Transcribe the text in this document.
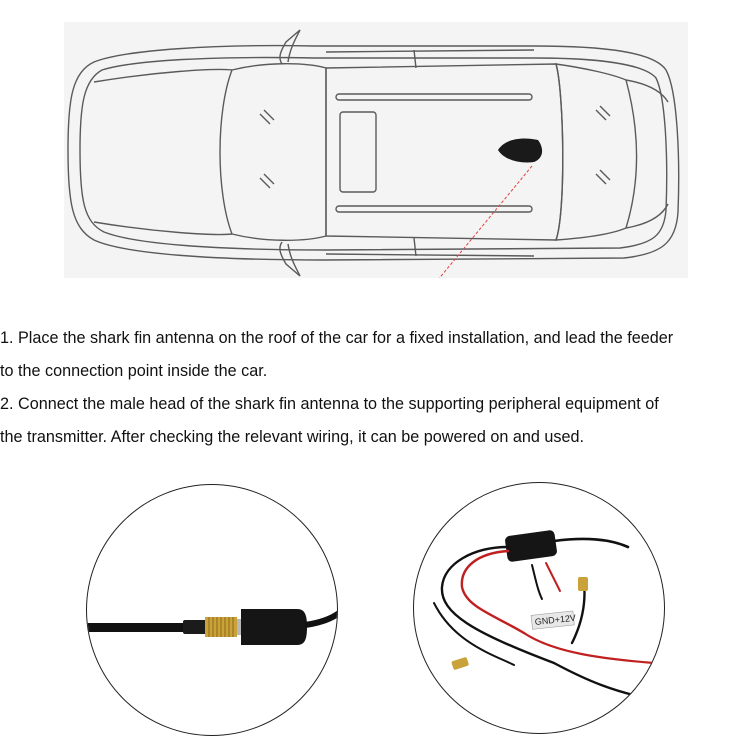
1. Place the shark fin antenna on the roof of the car for a fixed installation, and lead the feeder

to the connection point inside the car.

2. Connect the male head of the shark fin antenna to the supporting peripheral equipment of

the transmitter. After checking the relevant wiring, it can be powered on and used.

GND
+12V
